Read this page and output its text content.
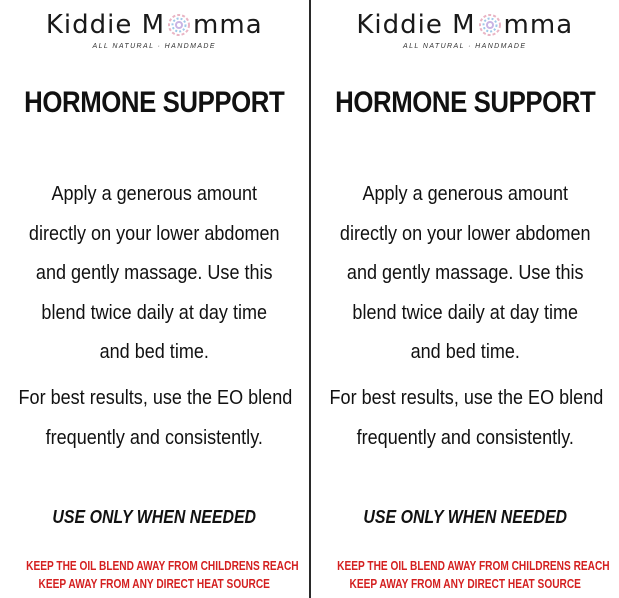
Kiddie M mma
ALL NATURAL · HANDMADE
HORMONE SUPPORT
Apply a generous amount
directly on your lower abdomen
and gently massage. Use this
blend twice daily at day time
and bed time.
For best results, use the EO blend
frequently and consistently.
USE ONLY WHEN NEEDED
KEEP THE OIL BLEND AWAY FROM CHILDRENS REACH
KEEP AWAY FROM ANY DIRECT HEAT SOURCE
Kiddie M mma
ALL NATURAL · HANDMADE
HORMONE SUPPORT
Apply a generous amount
directly on your lower abdomen
and gently massage. Use this
blend twice daily at day time
and bed time.
For best results, use the EO blend
frequently and consistently.
USE ONLY WHEN NEEDED
KEEP THE OIL BLEND AWAY FROM CHILDRENS REACH
KEEP AWAY FROM ANY DIRECT HEAT SOURCE
